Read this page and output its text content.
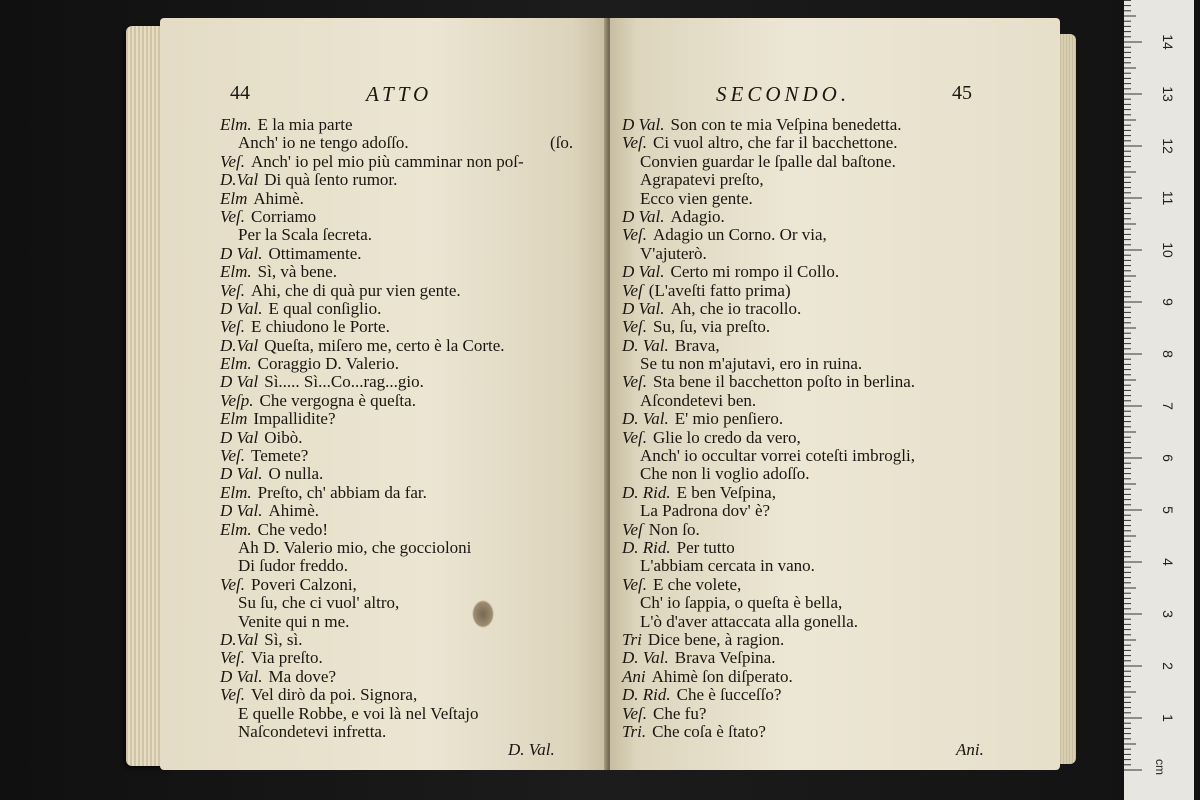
44	ATTO
Elm. E la mia parte
Anch' io ne tengo adoſſo.	(ſo.
Veſ. Anch' io pel mio più camminar non poſ-
D.Val Di quà ſento rumor.
Elm Ahimè.
Veſ. Corriamo
Per la Scala ſecreta.
D Val. Ottimamente.
Elm. Sì, và bene.
Veſ. Ahi, che di quà pur vien gente.
D Val. E qual conſiglio.
Veſ. E chiudono le Porte.
D.Val Queſta, miſero me, certo è la Corte.
Elm. Coraggio D. Valerio.
D Val Sì..... Sì...Co...rag...gio.
Veſp. Che vergogna è queſta.
Elm Impallidite?
D Val Oibò.
Veſ. Temete?
D Val. O nulla.
Elm. Preſto, ch' abbiam da far.
D Val. Ahimè.
Elm. Che vedo!
Ah D. Valerio mio, che goccioloni
Di ſudor freddo.
Veſ. Poveri Calzoni,
Su ſu, che ci vuol' altro,
Venite qui n me.
D.Val Sì, sì.
Veſ. Via preſto.
D Val. Ma dove?
Veſ. Vel dirò da poi. Signora,
E quelle Robbe, e voi là nel Veſtajo
Naſcondetevi infretta.
D. Val.
SECONDO.	45
D Val. Son con te mia Veſpina benedetta.
Veſ. Ci vuol altro, che far il bacchettone.
Convien guardar le ſpalle dal baſtone.
Agrapatevi preſto,
Ecco vien gente.
D Val. Adagio.
Veſ. Adagio un Corno. Or via,
V'ajuterò.
D Val. Certo mi rompo il Collo.
Veſ (L'aveſti fatto prima)
D Val. Ah, che io tracollo.
Veſ. Su, ſu, via preſto.
D. Val. Brava,
Se tu non m'ajutavi, ero in ruina.
Veſ. Sta bene il bacchetton poſto in berlina.
Aſcondetevi ben.
D. Val. E' mio penſiero.
Veſ. Glie lo credo da vero,
Anch' io occultar vorrei coteſti imbrogli,
Che non li voglio adoſſo.
D. Rid. E ben Veſpina,
La Padrona dov' è?
Veſ Non ſo.
D. Rid. Per tutto
L'abbiam cercata in vano.
Veſ. E che volete,
Ch' io ſappia, o queſta è bella,
L'ò d'aver attaccata alla gonella.
Tri Dice bene, à ragion.
D. Val. Brava Veſpina.
Ani Ahimè ſon diſperato.
D. Rid. Che è ſucceſſo?
Veſ. Che fu?
Tri. Che coſa è ſtato?
Ani.
1
2
3
4
5
6
7
8
9
10
11
12
13
14
cm
